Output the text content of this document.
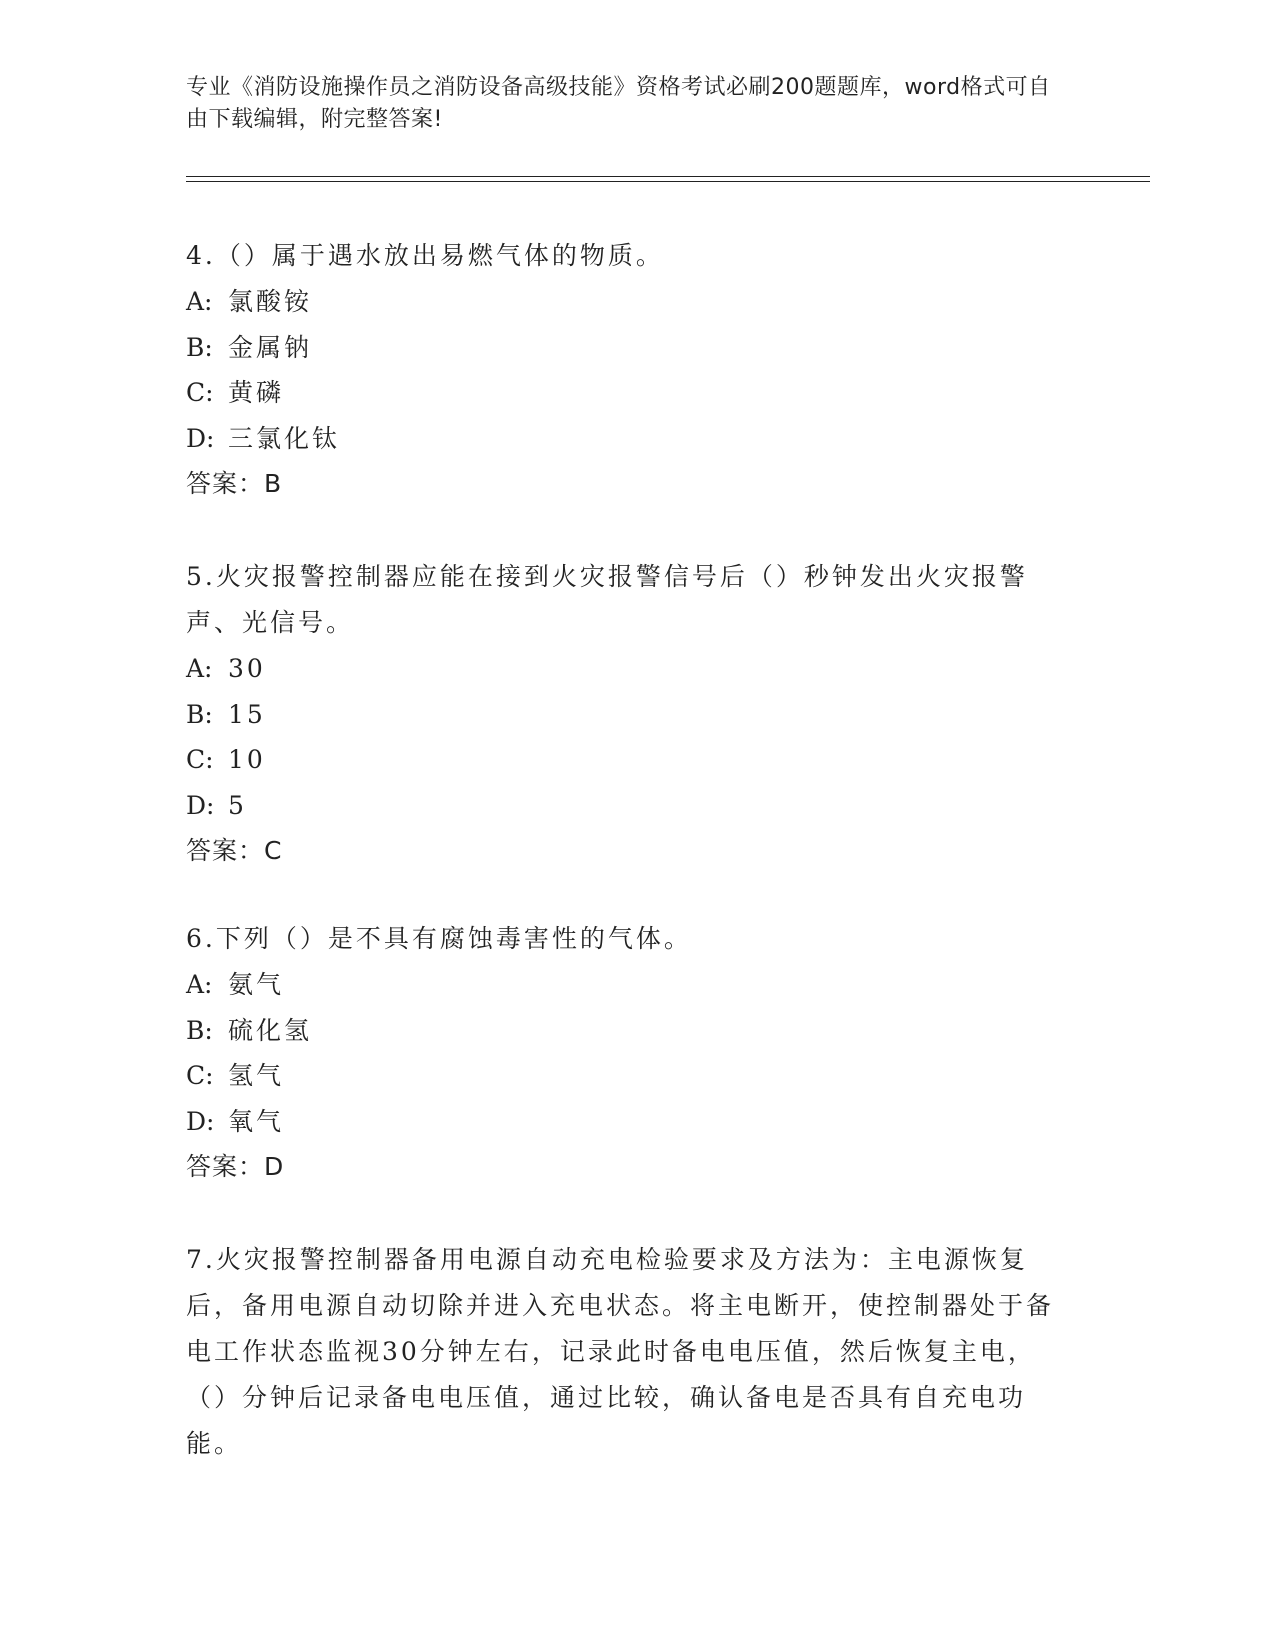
专业《消防设施操作员之消防设备高级技能》资格考试必刷200题题库，word格式可自由下载编辑，附完整答案!
4.（）属于遇水放出易燃气体的物质。
A: 氯酸铵
B: 金属钠
C: 黄磷
D: 三氯化钛
答案：B
5.火灾报警控制器应能在接到火灾报警信号后（）秒钟发出火灾报警声、光信号。
A: 30
B: 15
C: 10
D: 5
答案：C
6.下列（）是不具有腐蚀毒害性的气体。
A: 氨气
B: 硫化氢
C: 氢气
D: 氧气
答案：D
7.火灾报警控制器备用电源自动充电检验要求及方法为：主电源恢复后，备用电源自动切除并进入充电状态。将主电断开，使控制器处于备电工作状态监视30分钟左右，记录此时备电电压值，然后恢复主电，（）分钟后记录备电电压值，通过比较，确认备电是否具有自充电功能。
